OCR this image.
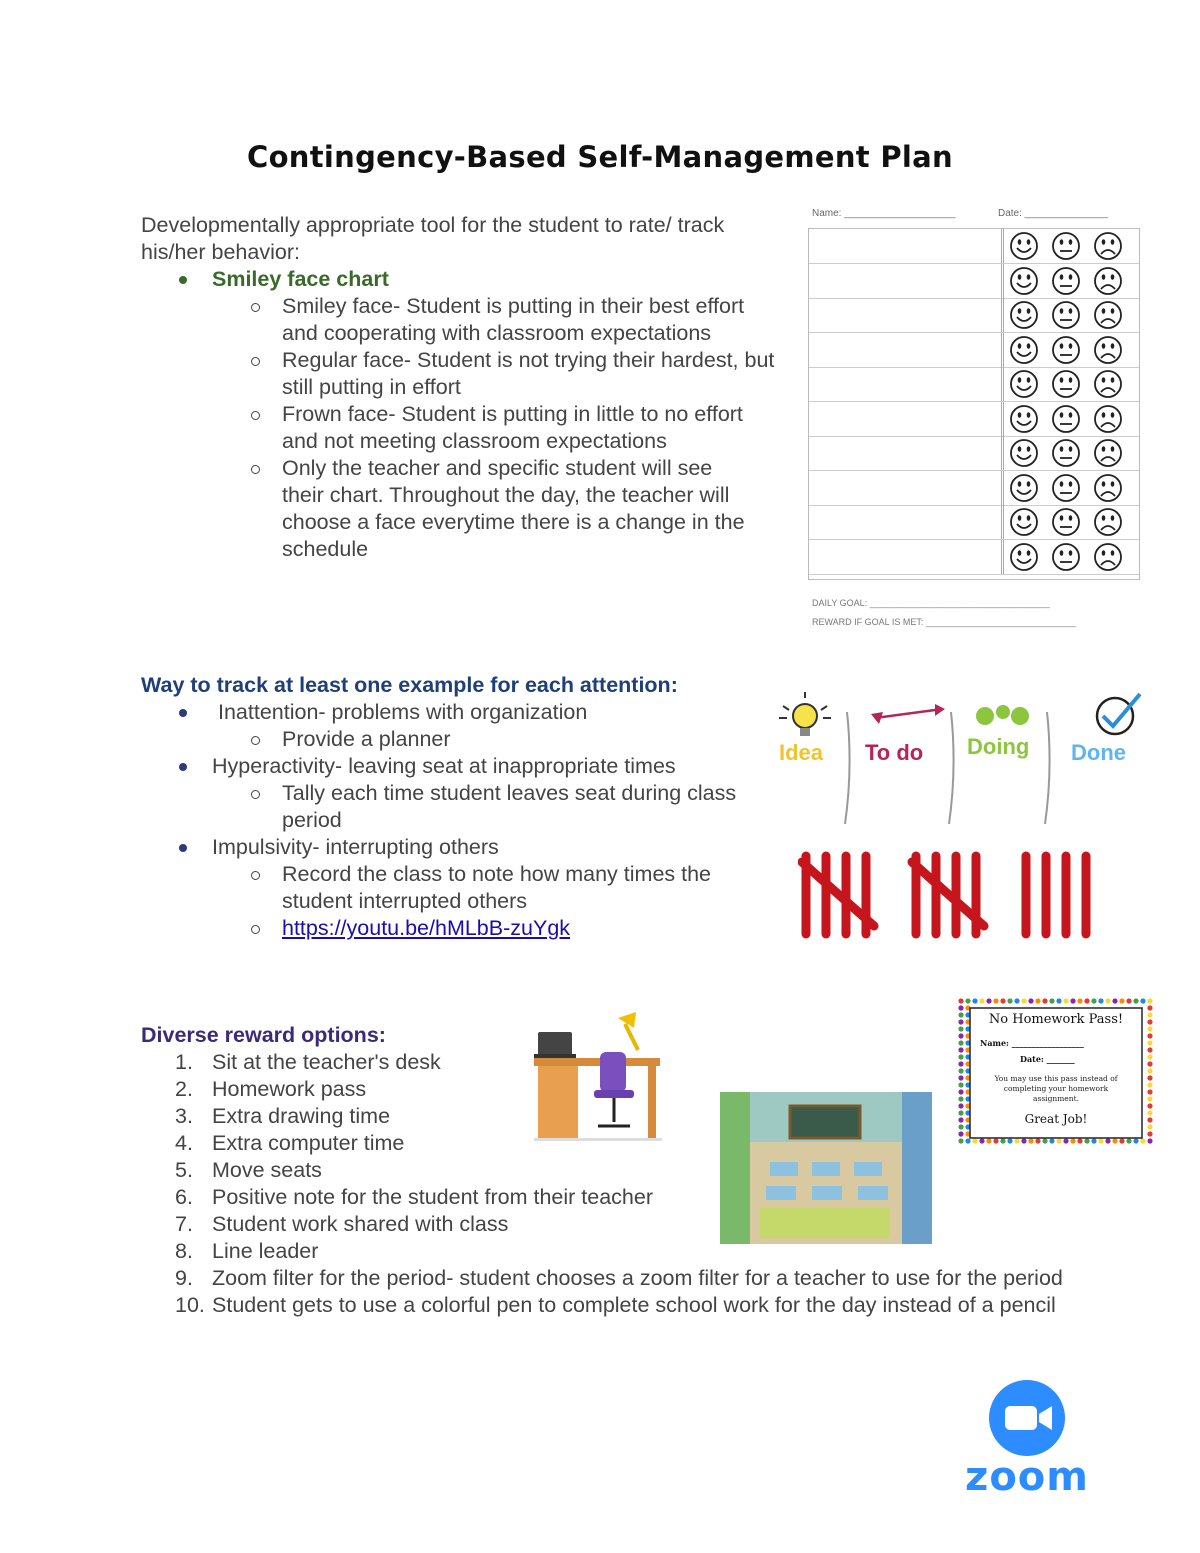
Contingency-Based Self-Management Plan
Developmentally appropriate tool for the student to rate/ track his/her behavior:
Smiley face chart
Smiley face- Student is putting in their best effort and cooperating with classroom expectations
Regular face- Student is not trying their hardest, but still putting in effort
Frown face- Student is putting in little to no effort and not meeting classroom expectations
Only the teacher and specific student will see their chart. Throughout the day, the teacher will choose a face everytime there is a change in the schedule
Name: ____________________	Date: _______________
DAILY GOAL: ____________________________________
REWARD IF GOAL IS MET: ______________________________
Way to track at least one example for each attention:
Inattention- problems with organization
Provide a planner
Hyperactivity- leaving seat at inappropriate times
Tally each time student leaves seat during class period
Impulsivity- interrupting others
Record the class to note how many times the student interrupted others
https://youtu.be/hMLbB-zuYgk
Idea To do Doing Done
Diverse reward options:
1. Sit at the teacher's desk
2. Homework pass
3. Extra drawing time
4. Extra computer time
5. Move seats
6. Positive note for the student from their teacher
7. Student work shared with class
8. Line leader
9. Zoom filter for the period- student chooses a zoom filter for a teacher to use for the period
10. Student gets to use a colorful pen to complete school work for the day instead of a pencil
No Homework Pass!
Name: __________________
Date: _______
You may use this pass instead of completing your homework assignment.
Great Job!
zoom
